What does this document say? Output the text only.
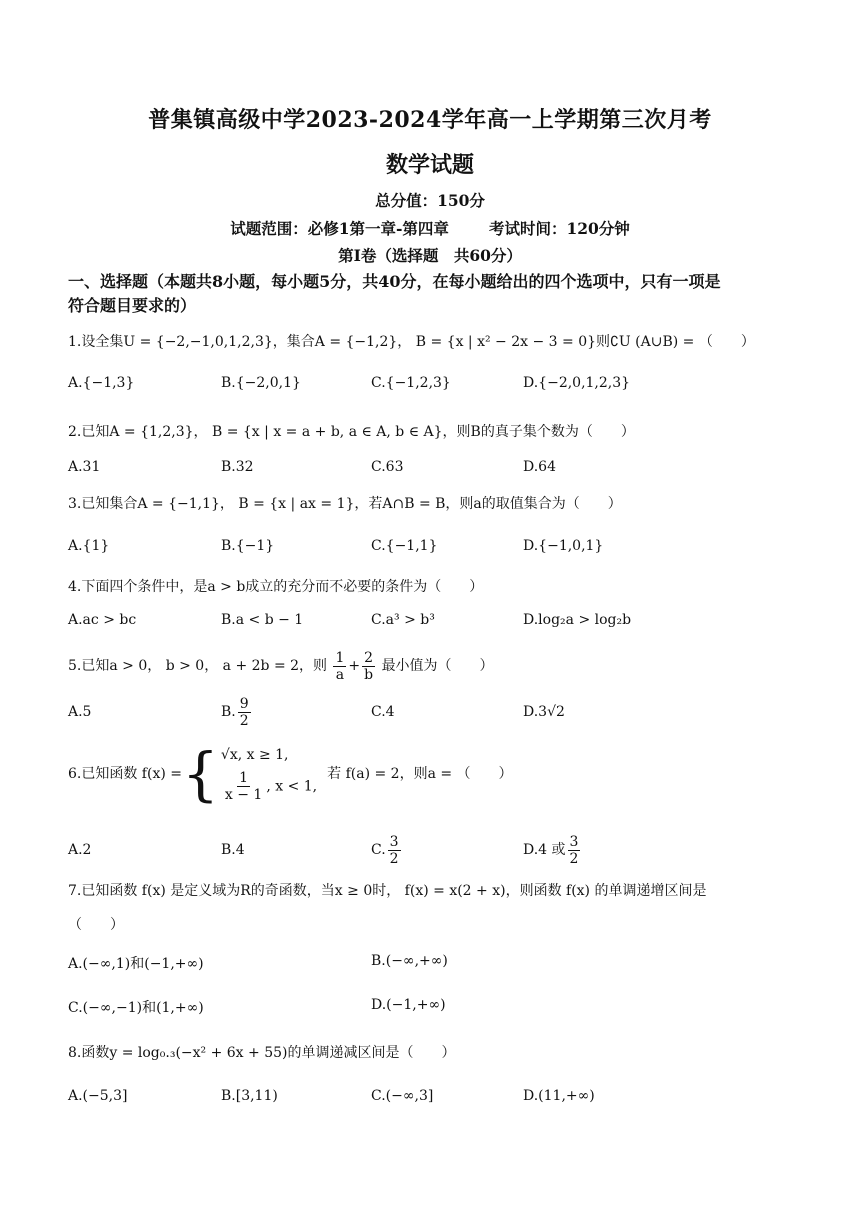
普集镇高级中学2023-2024学年高一上学期第三次月考
数学试题
总分值：150分
试题范围：必修1第一章-第四章	考试时间：120分钟
第Ⅰ卷（选择题　共60分）
一、选择题（本题共8小题，每小题5分，共40分，在每小题给出的四个选项中，只有一项是
符合题目要求的）
1.设全集U = {−2,−1,0,1,2,3}，集合A = {−1,2}， B = {x | x² − 2x − 3 = 0}则∁U (A∪B) = （　　）
A.{−1,3}	B.{−2,0,1}	C.{−1,2,3}	D.{−2,0,1,2,3}
2.已知A = {1,2,3}， B = {x | x = a + b, a ∈ A, b ∈ A}，则B的真子集个数为（　　）
A.31	B.32	C.63	D.64
3.已知集合A = {−1,1}， B = {x | ax = 1}，若A∩B = B，则a的取值集合为（　　）
A.{1}	B.{−1}	C.{−1,1}	D.{−1,0,1}
4.下面四个条件中，是a > b成立的充分而不必要的条件为（　　）
A.ac > bc	B.a < b − 1	C.a³ > b³	D.log₂a > log₂b
5.已知a > 0， b > 0， a + 2b = 2，则 $\frac{1}{a} + \frac{2}{b}$ 最小值为（　　）
A.5	B. $\frac{9}{2}$	C.4	D.3√2
6.已知函数 f(x) = { √x, x ≥ 1,
$\frac{1}{x - 1}$ , x < 1,
若 f(a) = 2，则a = （　　）
A.2	B.4	C. $\frac{3}{2}$	D.4 或 $\frac{3}{2}$
7.已知函数 f(x) 是定义域为R的奇函数，当x ≥ 0时， f(x) = x(2 + x)，则函数 f(x) 的单调递增区间是
（　　）
A.(−∞,1)和(−1,+∞)	B.(−∞,+∞)
C.(−∞,−1)和(1,+∞)	D.(−1,+∞)
8.函数y = log₀.₃(−x² + 6x + 55)的单调递减区间是（　　）
A.(−5,3]	B.[3,11)	C.(−∞,3]	D.(11,+∞)
